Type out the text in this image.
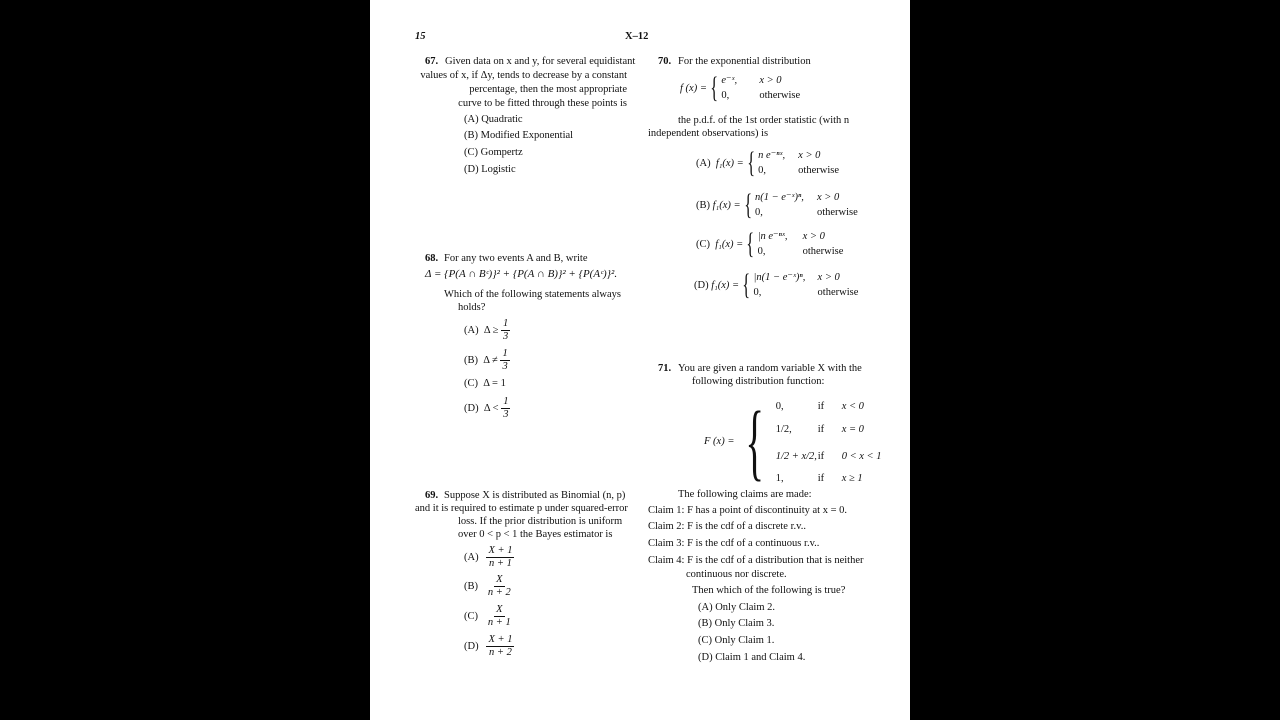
15	X–12
67. Given data on x and y, for several equidistant
values of x, if Δy, tends to decrease by a constant
percentage, then the most appropriate
curve to be fitted through these points is
(A) Quadratic
(B) Modified Exponential
(C) Gompertz
(D) Logistic
68. For any two events A and B, write
Δ = {P(A ∩ Bᶜ)}² + {P(A ∩ B)}² + {P(Aᶜ)}².
Which of the following statements always
holds?
(A) $\Delta \ge \frac{1}{3}$
(B) $\Delta \ne \frac{1}{3}$
(C) Δ = 1
(D) $\Delta < \frac{1}{3}$
69. Suppose X is distributed as Binomial (n, p)
and it is required to estimate p under squared-error
loss. If the prior distribution is uniform
over 0 < p < 1 the Bayes estimator is
$(A) \frac{X + 1}{n + 1}$
$(B) \frac{X}{n + 2}$
$(C) \frac{X}{n + 1}$
$(D) \frac{X + 1}{n + 2}$
70. For the exponential distribution
f (x) = { e⁻ˣ,	x > 0
0,	otherwise
the p.d.f. of the 1st order statistic (with n
independent observations) is
(A)
f₁(x) = { n e⁻ⁿˣ,	x > 0
0,	otherwise
(B)
f₁(x) = { n(1 − e⁻ˣ)ⁿ,	x > 0
0,	otherwise
(C)
f₁(x) = { |n e⁻ⁿˣ,	x > 0
0,	otherwise
(D)
f₁(x) = { |n(1 − e⁻ˣ)ⁿ,	x > 0
0,	otherwise
71. You are given a random variable X with the
following distribution function:
F (x) = { 0,	if	x < 0
1/2,	if	x = 0
1/2 + x/2, if	0 < x < 1
1,	if	x ≥ 1
The following claims are made:
Claim 1: F has a point of discontinuity at x = 0.
Claim 2: F is the cdf of a discrete r.v..
Claim 3: F is the cdf of a continuous r.v..
Claim 4: F is the cdf of a distribution that is neither
continuous nor discrete.
Then which of the following is true?
(A) Only Claim 2.
(B) Only Claim 3.
(C) Only Claim 1.
(D) Claim 1 and Claim 4.
